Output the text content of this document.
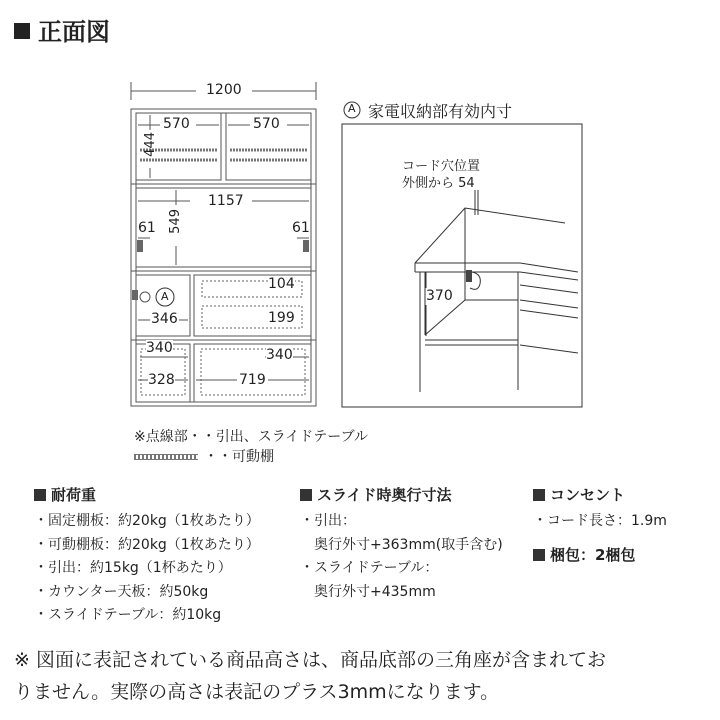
正面図
1200
570	570
444
1157
549
61	61
A
346
104
199
340
328
340
719
A 家電収納部有効内寸
コード穴位置
外側から 54
370
※点線部・・引出、スライドテーブル
・・可動棚
耐荷重
・固定棚板：約20kg（1枚あたり）
・可動棚板：約20kg（1枚あたり）
・引出：約15kg（1杯あたり）
・カウンター天板：約50kg
・スライドテーブル：約10kg
スライド時奥行寸法
・引出：
　奥行外寸+363mm(取手含む)
・スライドテーブル：
　奥行外寸+435mm
コンセント
・コード長さ：1.9m
梱包：2梱包
※ 図面に表記されている商品高さは、商品底部の三角座が含まれてお
りません。実際の高さは表記のプラス3mmになります。
